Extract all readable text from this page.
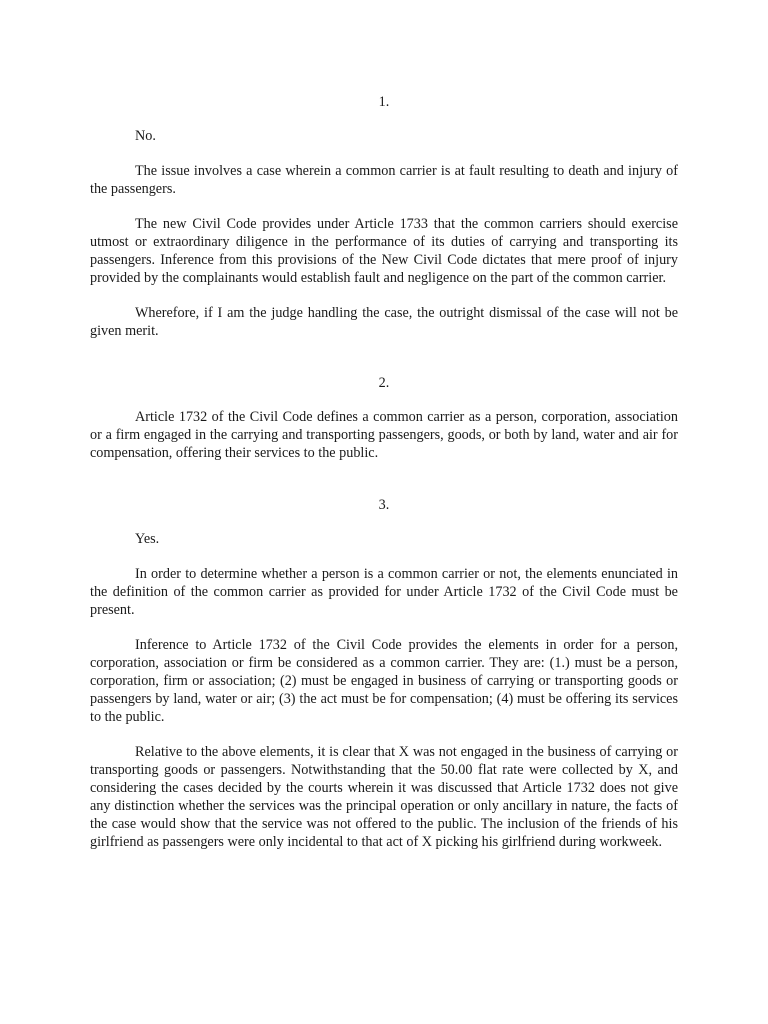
1.

No.

The issue involves a case wherein a common carrier is at fault resulting to death and injury of the passengers.

The new Civil Code provides under Article 1733 that the common carriers should exercise utmost or extraordinary diligence in the performance of its duties of carrying and transporting its passengers. Inference from this provisions of the New Civil Code dictates that mere proof of injury provided by the complainants would establish fault and negligence on the part of the common carrier.

Wherefore, if I am the judge handling the case, the outright dismissal of the case will not be given merit.

2.

Article 1732 of the Civil Code defines a common carrier as a person, corporation, association or a firm engaged in the carrying and transporting passengers, goods, or both by land, water and air for compensation, offering their services to the public.

3.

Yes.

In order to determine whether a person is a common carrier or not, the elements enunciated in the definition of the common carrier as provided for under Article 1732 of the Civil Code must be present.

Inference to Article 1732 of the Civil Code provides the elements in order for a person, corporation, association or firm be considered as a common carrier. They are: (1.) must be a person, corporation, firm or association; (2) must be engaged in business of carrying or transporting goods or passengers by land, water or air; (3) the act must be for compensation; (4) must be offering its services to the public.

Relative to the above elements, it is clear that X was not engaged in the business of carrying or transporting goods or passengers. Notwithstanding that the 50.00 flat rate were collected by X, and considering the cases decided by the courts wherein it was discussed that Article 1732 does not give any distinction whether the services was the principal operation or only ancillary in nature, the facts of the case would show that the service was not offered to the public. The inclusion of the friends of his girlfriend as passengers were only incidental to that act of X picking his girlfriend during workweek.
